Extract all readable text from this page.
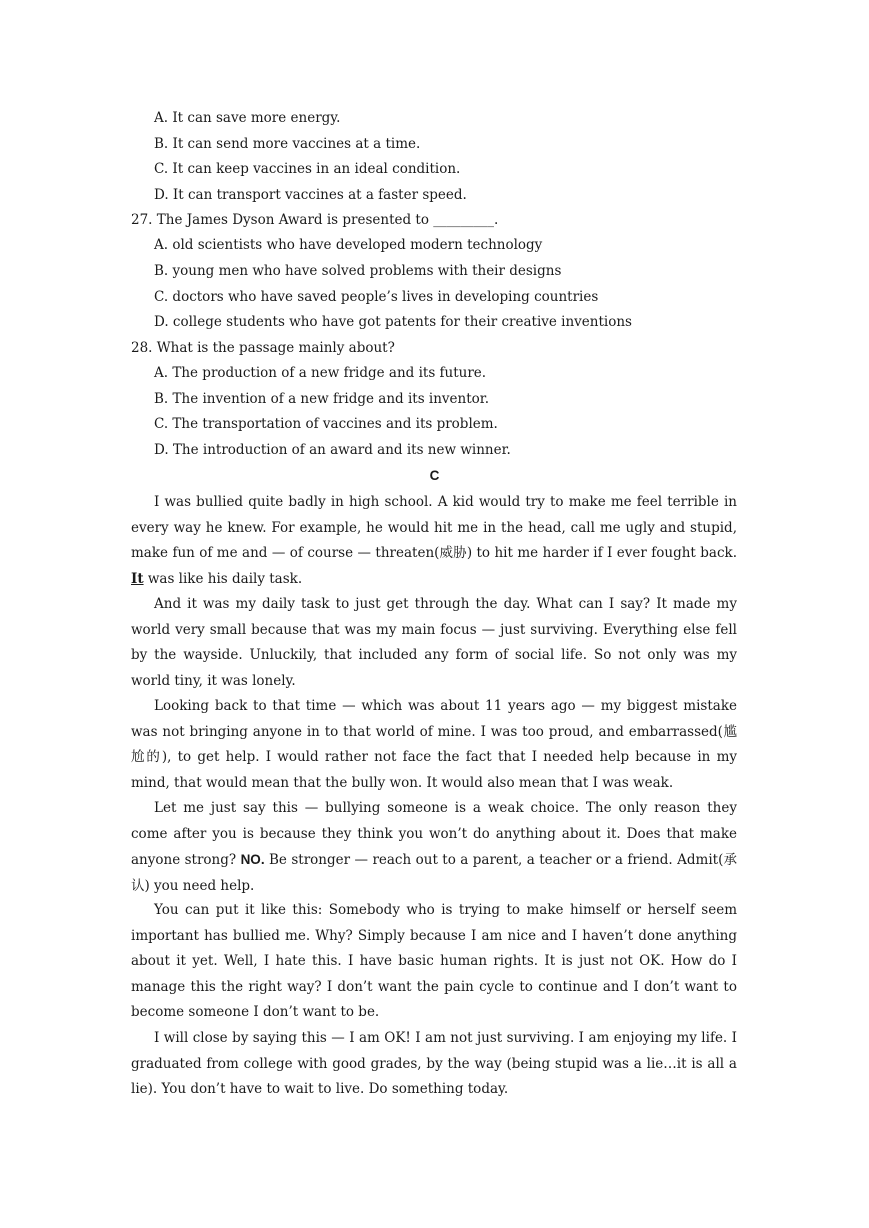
A. It can save more energy.
B. It can send more vaccines at a time.
C. It can keep vaccines in an ideal condition.
D. It can transport vaccines at a faster speed.
27. The James Dyson Award is presented to _________.
A. old scientists who have developed modern technology
B. young men who have solved problems with their designs
C. doctors who have saved people’s lives in developing countries
D. college students who have got patents for their creative inventions
28. What is the passage mainly about?
A. The production of a new fridge and its future.
B. The invention of a new fridge and its inventor.
C. The transportation of vaccines and its problem.
D. The introduction of an award and its new winner.
C
I was bullied quite badly in high school. A kid would try to make me feel terrible in every way he knew. For example, he would hit me in the head, call me ugly and stupid, make fun of me and — of course — threaten(威胁) to hit me harder if I ever fought back. It was like his daily task.
And it was my daily task to just get through the day. What can I say? It made my world very small because that was my main focus — just surviving. Everything else fell by the wayside. Unluckily, that included any form of social life. So not only was my world tiny, it was lonely.
Looking back to that time — which was about 11 years ago — my biggest mistake was not bringing anyone in to that world of mine. I was too proud, and embarrassed(尴尬的), to get help. I would rather not face the fact that I needed help because in my mind, that would mean that the bully won. It would also mean that I was weak.
Let me just say this — bullying someone is a weak choice. The only reason they come after you is because they think you won’t do anything about it. Does that make anyone strong? NO. Be stronger — reach out to a parent, a teacher or a friend. Admit(承认) you need help.
You can put it like this: Somebody who is trying to make himself or herself seem important has bullied me. Why? Simply because I am nice and I haven’t done anything about it yet. Well, I hate this. I have basic human rights. It is just not OK. How do I manage this the right way? I don’t want the pain cycle to continue and I don’t want to become someone I don’t want to be.
I will close by saying this — I am OK! I am not just surviving. I am enjoying my life. I graduated from college with good grades, by the way (being stupid was a lie…it is all a lie). You don’t have to wait to live. Do something today.
